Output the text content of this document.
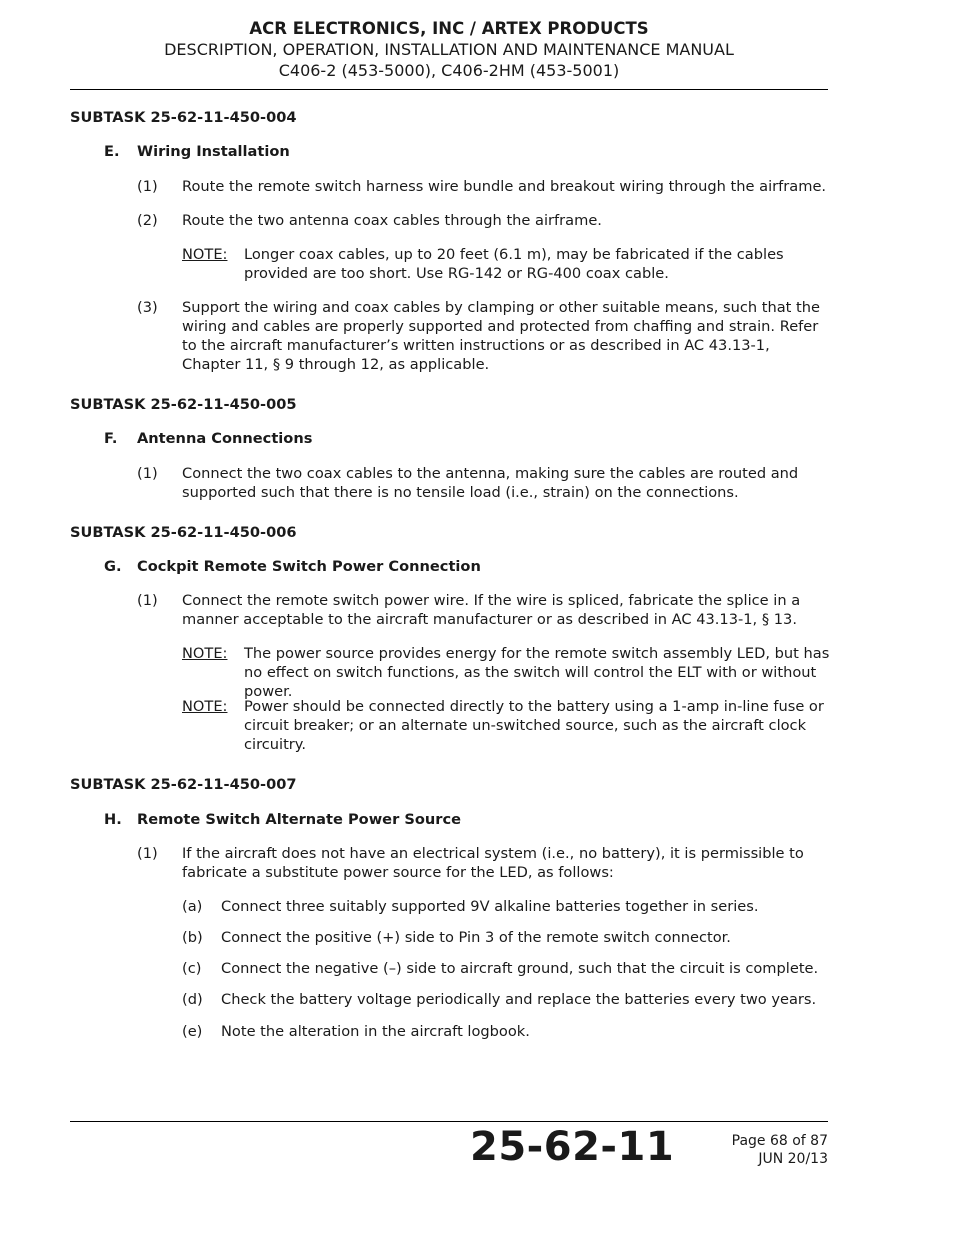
ACR ELECTRONICS, INC / ARTEX PRODUCTS
DESCRIPTION, OPERATION, INSTALLATION AND MAINTENANCE MANUAL
C406-2 (453-5000), C406-2HM (453-5001)
SUBTASK 25-62-11-450-004
E. Wiring Installation
(1) Route the remote switch harness wire bundle and breakout wiring through the airframe.
(2) Route the two antenna coax cables through the airframe.
NOTE: Longer coax cables, up to 20 feet (6.1 m), may be fabricated if the cables provided are too short. Use RG-142 or RG-400 coax cable.
(3) Support the wiring and coax cables by clamping or other suitable means, such that the wiring and cables are properly supported and protected from chaffing and strain. Refer to the aircraft manufacturer’s written instructions or as described in AC 43.13-1, Chapter 11, § 9 through 12, as applicable.
SUBTASK 25-62-11-450-005
F. Antenna Connections
(1) Connect the two coax cables to the antenna, making sure the cables are routed and supported such that there is no tensile load (i.e., strain) on the connections.
SUBTASK 25-62-11-450-006
G. Cockpit Remote Switch Power Connection
(1) Connect the remote switch power wire. If the wire is spliced, fabricate the splice in a manner acceptable to the aircraft manufacturer or as described in AC 43.13-1, § 13.
NOTE: The power source provides energy for the remote switch assembly LED, but has no effect on switch functions, as the switch will control the ELT with or without power.
NOTE: Power should be connected directly to the battery using a 1-amp in-line fuse or circuit breaker; or an alternate un-switched source, such as the aircraft clock circuitry.
SUBTASK 25-62-11-450-007
H. Remote Switch Alternate Power Source
(1) If the aircraft does not have an electrical system (i.e., no battery), it is permissible to fabricate a substitute power source for the LED, as follows:
(a) Connect three suitably supported 9V alkaline batteries together in series.
(b) Connect the positive (+) side to Pin 3 of the remote switch connector.
(c) Connect the negative (–) side to aircraft ground, such that the circuit is complete.
(d) Check the battery voltage periodically and replace the batteries every two years.
(e) Note the alteration in the aircraft logbook.
25-62-11	Page 68 of 87
JUN 20/13
